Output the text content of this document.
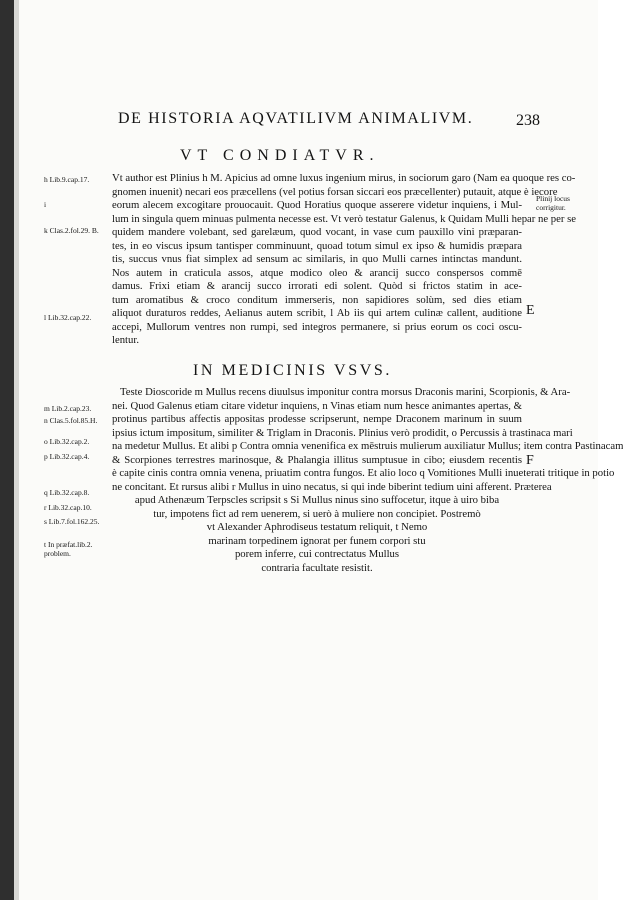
DE HISTORIA AQVATILIVM ANIMALIVM.	238
VT CONDIATVR.
h Lib.9.cap.17.
i
k Clas.2.fol.29. B.
l Lib.32.cap.22.
Plinij locus
corrigitur.
E

Vt author est Plinius h M. Apicius ad omne luxus ingenium mirus, in sociorum garo (Nam ea quoque res co-

gnomen inuenit) necari eos præcellens (vel potius forsan siccari eos præcellenter) putauit, atque è iecore

eorum alecem excogitare prouocauit. Quod Horatius quoque asserere videtur inquiens, i Mul-

lum in singula quem minuas pulmenta necesse est. Vt verò testatur Galenus, k Quidam Mulli hepar ne per se

quidem mandere volebant, sed garelæum, quod vocant, in vase cum pauxillo vini præparan-

tes, in eo viscus ipsum tantisper comminuunt, quoad totum simul ex ipso & humidis præpara

tis, succus vnus fiat simplex ad sensum ac similaris, in quo Mulli carnes intinctas mandunt.

Nos autem in craticula assos, atque modico oleo & arancij succo conspersos commē

damus. Frixi etiam & arancij succo irrorati edi solent. Quòd si frictos statim in ace-

tum aromatibus & croco conditum immerseris, non sapidiores solùm, sed dies etiam

aliquot duraturos reddes, Aelianus autem scribit, l Ab iis qui artem culinæ callent, auditione

accepi, Mullorum ventres non rumpi, sed integros permanere, si prius eorum os coci oscu-

lentur.

IN MEDICINIS VSVS.
m Lib.2.cap.23.
n Clas.5.fol.85.H.
o Lib.32.cap.2.
p Lib.32.cap.4.
q Lib.32.cap.8.
r Lib.32.cap.10.
s Lib.7.fol.162.25.
t In præfat.lib.2.
problem.
F

Teste Dioscoride m Mullus recens diuulsus imponitur contra morsus Draconis marini, Scorpionis, & Ara-

nei. Quod Galenus etiam citare videtur inquiens, n Vinas etiam num hesce animantes apertas, &

protinus partibus affectis appositas prodesse scripserunt, nempe Draconem marinum in suum

ipsius ictum impositum, similiter & Triglam in Draconis. Plinius verò prodidit, o Percussis à trastinaca mari

na medetur Mullus. Et alibi p Contra omnia venenifica ex mēstruis mulierum auxiliatur Mullus; item contra Pastinacam

& Scorpiones terrestres marinosque, & Phalangia illitus sumptusue in cibo; eiusdem recentis

è capite cinis contra omnia venena, priuatim contra fungos. Et alio loco q Vomitiones Mulli inueterati tritique in potio

ne concitant. Et rursus alibi r Mullus in uino necatus, si qui inde biberint tedium uini afferent. Præterea

apud Athenæum Terpscles scripsit s Si Mullus ninus sino suffocetur, itque à uiro biba

tur, impotens fict ad rem uenerem, si uerò à muliere non concipiet. Postremò

vt Alexander Aphrodiseus testatum reliquit, t Nemo

marinam torpedinem ignorat per funem corpori stu

porem inferre, cui contrectatus Mullus

contraria facultate resistit.
